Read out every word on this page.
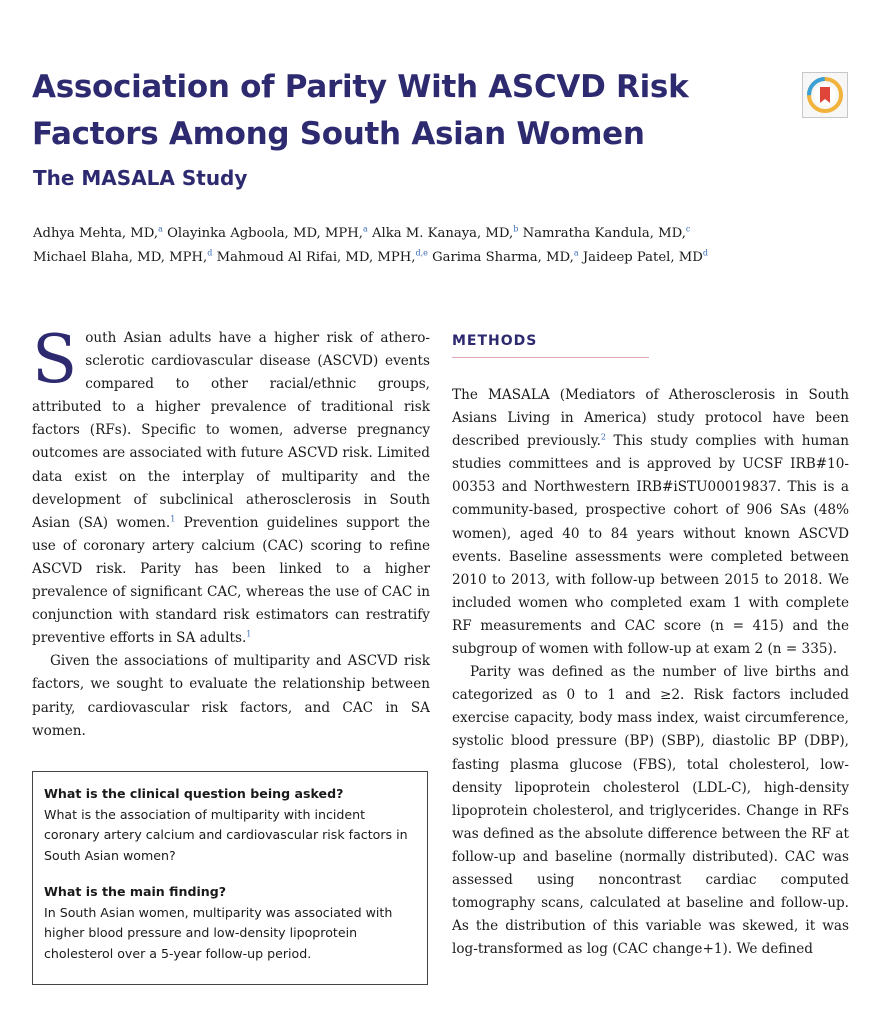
Association of Parity With ASCVD Risk Factors Among South Asian Women
The MASALA Study
Adhya Mehta, MD,$^a$ Olayinka Agboola, MD, MPH,$^a$ Alka M. Kanaya, MD,$^b$ Namratha Kandula, MD,$^c$
Michael Blaha, MD, MPH,$^d$ Mahmoud Al Rifai, MD, MPH,$^{d,e}$ Garima Sharma, MD,$^a$ Jaideep Patel, $MD^d$

South Asian adults have a higher risk of athero-sclerotic cardiovascular disease (ASCVD) events compared to other racial/ethnic groups, attributed to a higher prevalence of traditional risk factors (RFs). Specific to women, adverse pregnancy outcomes are associated with future ASCVD risk. Limited data exist on the interplay of multiparity and the development of subclinical atherosclerosis in South Asian (SA) women.$^1$ Prevention guidelines support the use of coronary artery calcium (CAC) scoring to refine ASCVD risk. Parity has been linked to a higher prevalence of significant CAC, whereas the use of CAC in conjunction with standard risk estimators can restratify preventive efforts in SA adults.$^1$

Given the associations of multiparity and ASCVD risk factors, we sought to evaluate the relationship between parity, cardiovascular risk factors, and CAC in SA women.

What is the clinical question being asked?

What is the association of multiparity with incident coronary artery calcium and cardiovascular risk factors in South Asian women?

What is the main finding?

In South Asian women, multiparity was associated with higher blood pressure and low-density lipoprotein cholesterol over a 5-year follow-up period.

METHODS

The MASALA (Mediators of Atherosclerosis in South Asians Living in America) study protocol have been described previously.$^2$ This study complies with human studies committees and is approved by UCSF IRB#10-00353 and Northwestern IRB#iSTU00019837. This is a community-based, prospective cohort of 906 SAs (48% women), aged 40 to 84 years without known ASCVD events. Baseline assessments were completed between 2010 to 2013, with follow-up between 2015 to 2018. We included women who completed exam 1 with complete RF measurements and CAC score (n = 415) and the subgroup of women with follow-up at exam 2 (n = 335).

Parity was defined as the number of live births and categorized as 0 to 1 and ≥2. Risk factors included exercise capacity, body mass index, waist circumference, systolic blood pressure (BP) (SBP), diastolic BP (DBP), fasting plasma glucose (FBS), total cholesterol, low-density lipoprotein cholesterol (LDL-C), high-density lipoprotein cholesterol, and triglycerides. Change in RFs was defined as the absolute difference between the RF at follow-up and baseline (normally distributed). CAC was assessed using noncontrast cardiac computed tomography scans, calculated at baseline and follow-up. As the distribution of this variable was skewed, it was log-transformed as log (CAC change+1). We defined
